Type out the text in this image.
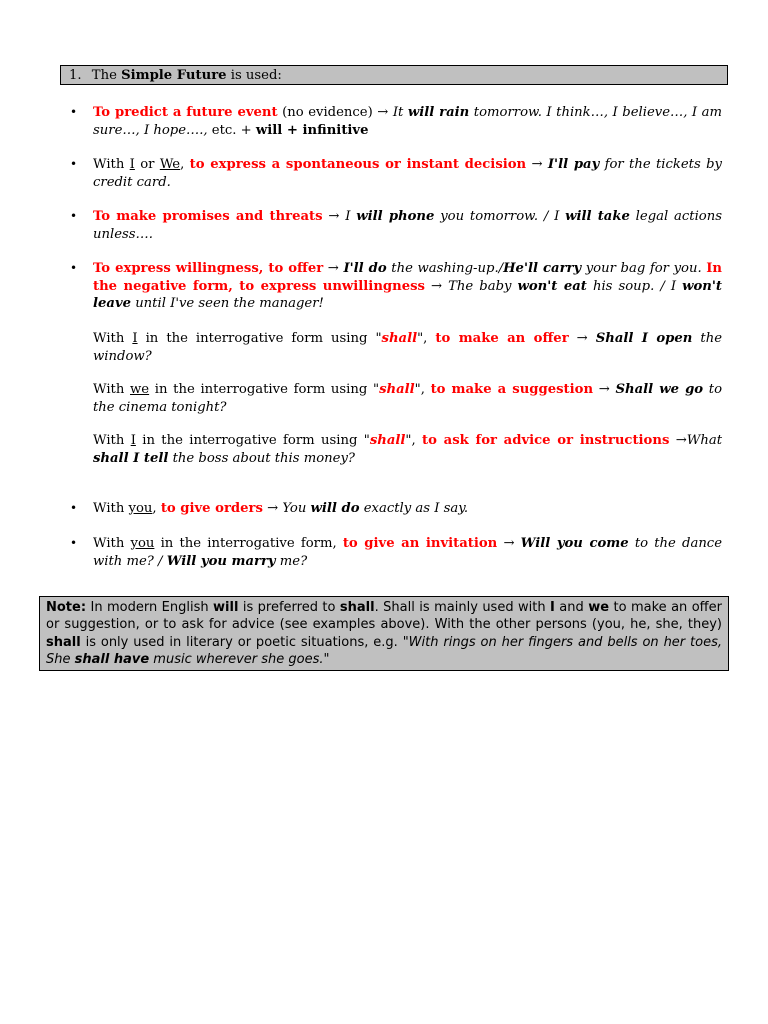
1. The Simple Future is used:
• To predict a future event (no evidence) → It will rain tomorrow. I think…, I believe…, I am sure…, I hope…., etc. + will + infinitive
• With I or We, to express a spontaneous or instant decision → I'll pay for the tickets by credit card.
• To make promises and threats → I will phone you tomorrow. / I will take legal actions unless….
• To express willingness, to offer → I'll do the washing-up./He'll carry your bag for you. In the negative form, to express unwillingness → The baby won't eat his soup. / I won't leave until I've seen the manager!
With I in the interrogative form using "shall", to make an offer → Shall I open the window?
With we in the interrogative form using "shall", to make a suggestion → Shall we go to the cinema tonight?
With I in the interrogative form using "shall", to ask for advice or instructions →What shall I tell the boss about this money?
• With you, to give orders → You will do exactly as I say.
• With you in the interrogative form, to give an invitation → Will you come to the dance with me? / Will you marry me?
Note: In modern English will is preferred to shall. Shall is mainly used with I and we to make an offer or suggestion, or to ask for advice (see examples above). With the other persons (you, he, she, they) shall is only used in literary or poetic situations, e.g. "With rings on her fingers and bells on her toes, She shall have music wherever she goes."
